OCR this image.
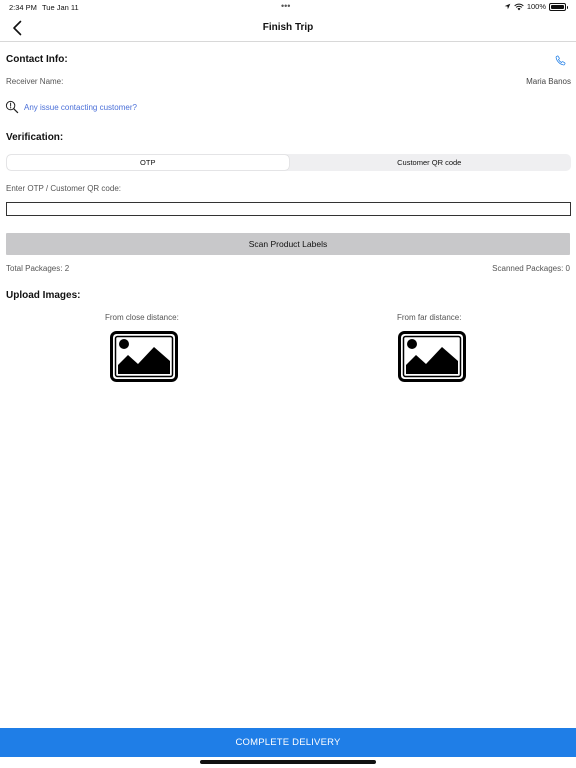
2:34 PM Tue Jan 11	•••	100%
Finish Trip
Contact Info:
Receiver Name:	Maria Banos
Any issue contacting customer?
Verification:
OTP	Customer QR code
Enter OTP / Customer QR code:
Scan Product Labels
Total Packages: 2	Scanned Packages: 0
Upload Images:
From close distance:	From far distance:
COMPLETE DELIVERY
